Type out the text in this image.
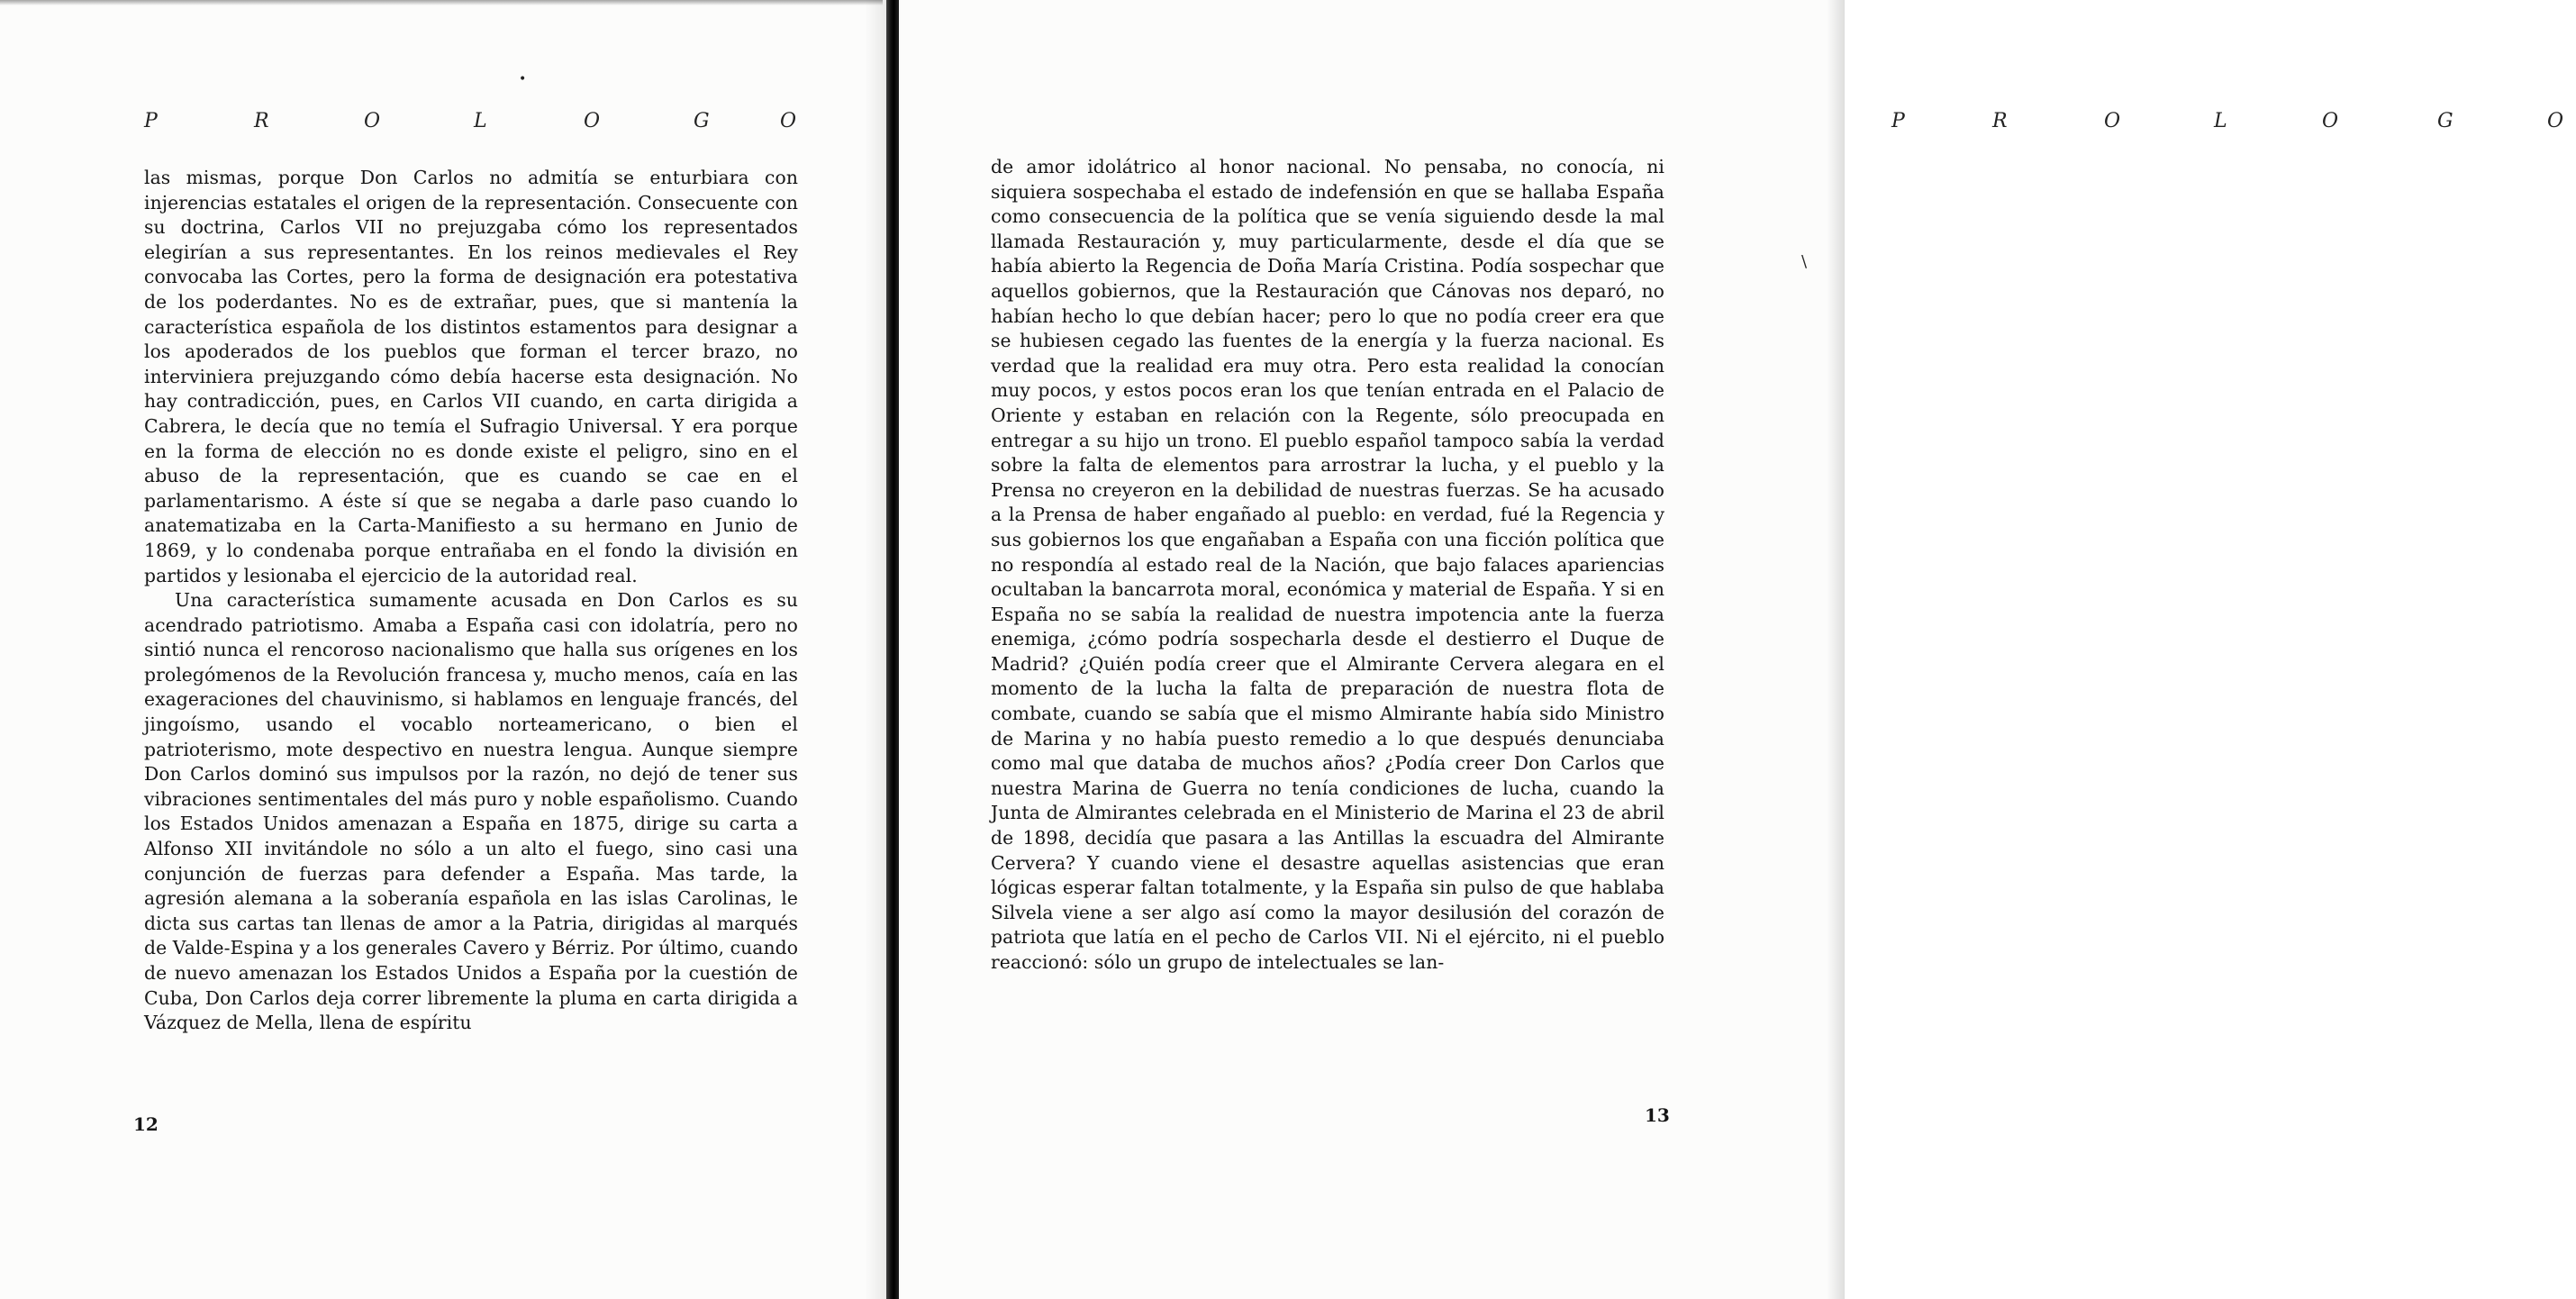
P	R	O	L	O	G	O

las mismas, porque Don Carlos no admitía se enturbiara con injerencias estatales el origen de la representación. Consecuente con su doctrina, Carlos VII no prejuzgaba cómo los representados elegirían a sus representantes. En los reinos medievales el Rey convocaba las Cortes, pero la forma de designación era potestativa de los poderdantes. No es de extrañar, pues, que si mantenía la característica española de los distintos estamentos para designar a los apoderados de los pueblos que forman el tercer brazo, no interviniera prejuzgando cómo debía hacerse esta designación. No hay contradicción, pues, en Carlos VII cuando, en carta dirigida a Cabrera, le decía que no temía el Sufragio Universal. Y era porque en la forma de elección no es donde existe el peligro, sino en el abuso de la representación, que es cuando se cae en el parlamentarismo. A éste sí que se negaba a darle paso cuando lo anatematizaba en la Carta-Manifiesto a su hermano en Junio de 1869, y lo condenaba porque entrañaba en el fondo la división en partidos y lesionaba el ejercicio de la autoridad real.

Una característica sumamente acusada en Don Carlos es su acendrado patriotismo. Amaba a España casi con idolatría, pero no sintió nunca el rencoroso nacionalismo que halla sus orígenes en los prolegómenos de la Revolución francesa y, mucho menos, caía en las exageraciones del chauvinismo, si hablamos en lenguaje francés, del jingoísmo, usando el vocablo norteamericano, o bien el patrioterismo, mote despectivo en nuestra lengua. Aunque siempre Don Carlos dominó sus impulsos por la razón, no dejó de tener sus vibraciones sentimentales del más puro y noble españolismo. Cuando los Estados Unidos amenazan a España en 1875, dirige su carta a Alfonso XII invitándole no sólo a un alto el fuego, sino casi una conjunción de fuerzas para defender a España. Mas tarde, la agresión alemana a la soberanía española en las islas Carolinas, le dicta sus cartas tan llenas de amor a la Patria, dirigidas al marqués de Valde-Espina y a los generales Cavero y Bérriz. Por último, cuando de nuevo amenazan los Estados Unidos a España por la cuestión de Cuba, Don Carlos deja correr libremente la pluma en carta dirigida a Vázquez de Mella, llena de espíritu

12
•
P	R	O	L	O	G	O

de amor idolátrico al honor nacional. No pensaba, no conocía, ni siquiera sospechaba el estado de indefensión en que se hallaba España como consecuencia de la política que se venía siguiendo desde la mal llamada Restauración y, muy particularmente, desde el día que se había abierto la Regencia de Doña María Cristina. Podía sospechar que aquellos gobiernos, que la Restauración que Cánovas nos deparó, no habían hecho lo que debían hacer; pero lo que no podía creer era que se hubiesen cegado las fuentes de la energía y la fuerza nacional. Es verdad que la realidad era muy otra. Pero esta realidad la conocían muy pocos, y estos pocos eran los que tenían entrada en el Palacio de Oriente y estaban en relación con la Regente, sólo preocupada en entregar a su hijo un trono. El pueblo español tampoco sabía la verdad sobre la falta de elementos para arrostrar la lucha, y el pueblo y la Prensa no creyeron en la debilidad de nuestras fuerzas. Se ha acusado a la Prensa de haber engañado al pueblo: en verdad, fué la Regencia y sus gobiernos los que engañaban a España con una ficción política que no respondía al estado real de la Nación, que bajo falaces apariencias ocultaban la bancarrota moral, económica y material de España. Y si en España no se sabía la realidad de nuestra impotencia ante la fuerza enemiga, ¿cómo podría sospecharla desde el destierro el Duque de Madrid? ¿Quién podía creer que el Almirante Cervera alegara en el momento de la lucha la falta de preparación de nuestra flota de combate, cuando se sabía que el mismo Almirante había sido Ministro de Marina y no había puesto remedio a lo que después denunciaba como mal que databa de muchos años? ¿Podía creer Don Carlos que nuestra Marina de Guerra no tenía condiciones de lucha, cuando la Junta de Almirantes celebrada en el Ministerio de Marina el 23 de abril de 1898, decidía que pasara a las Antillas la escuadra del Almirante Cervera? Y cuando viene el desastre aquellas asistencias que eran lógicas esperar faltan totalmente, y la España sin pulso de que hablaba Silvela viene a ser algo así como la mayor desilusión del corazón de patriota que latía en el pecho de Carlos VII. Ni el ejército, ni el pueblo reaccionó: sólo un grupo de intelectuales se lan-

13
\
